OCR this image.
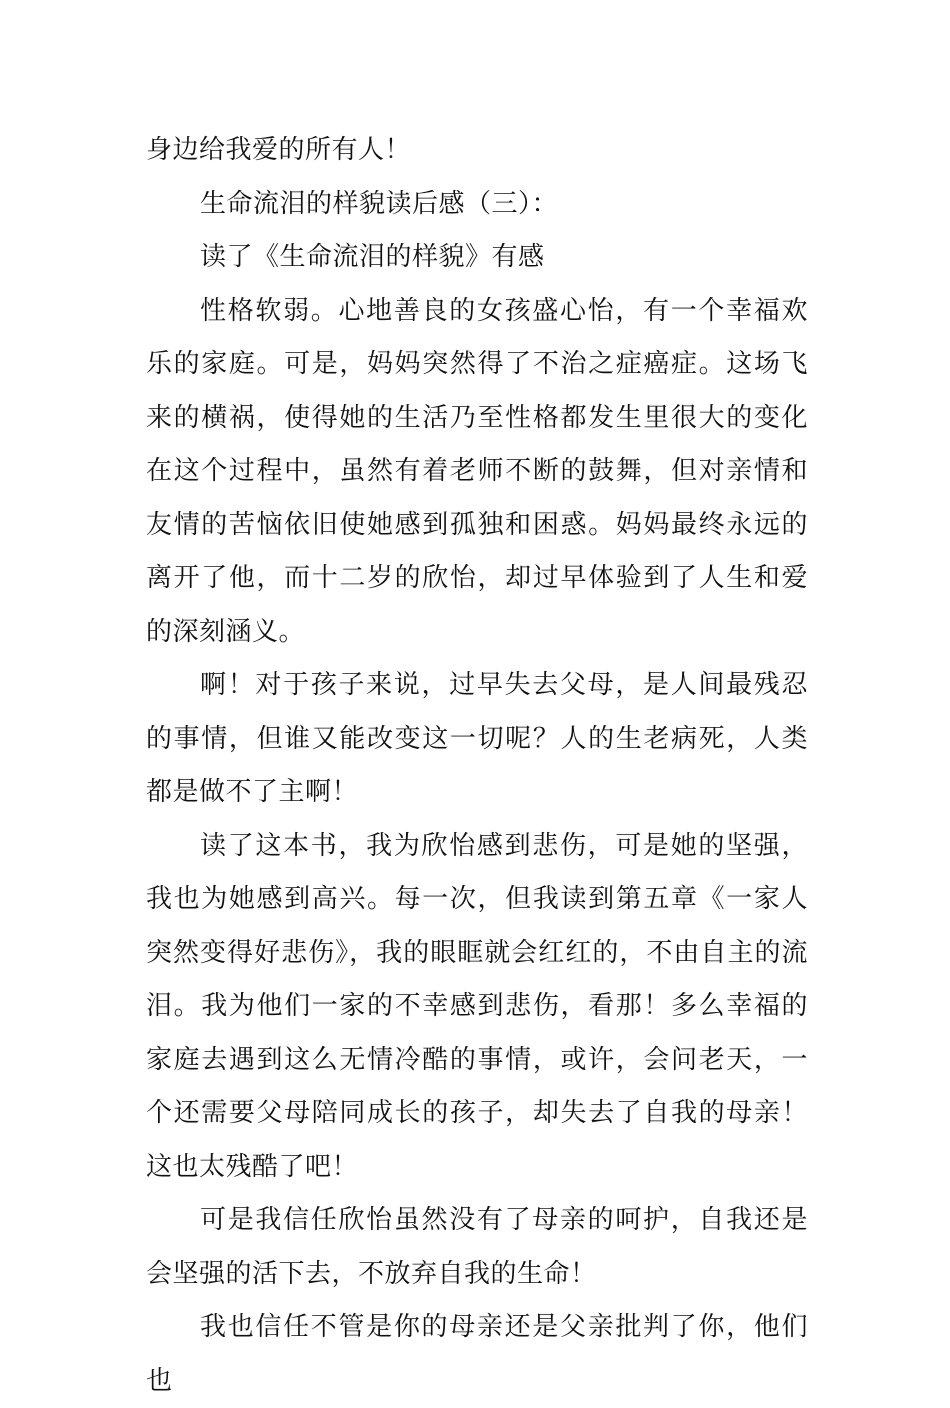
身边给我爱的所有人！

生命流泪的样貌读后感（三）：

读了《生命流泪的样貌》有感

性格软弱。心地善良的女孩盛心怡，有一个幸福欢乐的家庭。可是，妈妈突然得了不治之症癌症。这场飞来的横祸，使得她的生活乃至性格都发生里很大的变化在这个过程中，虽然有着老师不断的鼓舞，但对亲情和友情的苦恼依旧使她感到孤独和困惑。妈妈最终永远的离开了他，而十二岁的欣怡，却过早体验到了人生和爱的深刻涵义。

啊！对于孩子来说，过早失去父母，是人间最残忍的事情，但谁又能改变这一切呢？人的生老病死，人类都是做不了主啊！

读了这本书，我为欣怡感到悲伤，可是她的坚强，我也为她感到高兴。每一次，但我读到第五章《一家人突然变得好悲伤》，我的眼眶就会红红的，不由自主的流泪。我为他们一家的不幸感到悲伤，看那！多么幸福的家庭去遇到这么无情冷酷的事情，或许，会问老天，一个还需要父母陪同成长的孩子，却失去了自我的母亲！这也太残酷了吧！

可是我信任欣怡虽然没有了母亲的呵护，自我还是会坚强的活下去，不放弃自我的生命！

我也信任不管是你的母亲还是父亲批判了你，他们也
